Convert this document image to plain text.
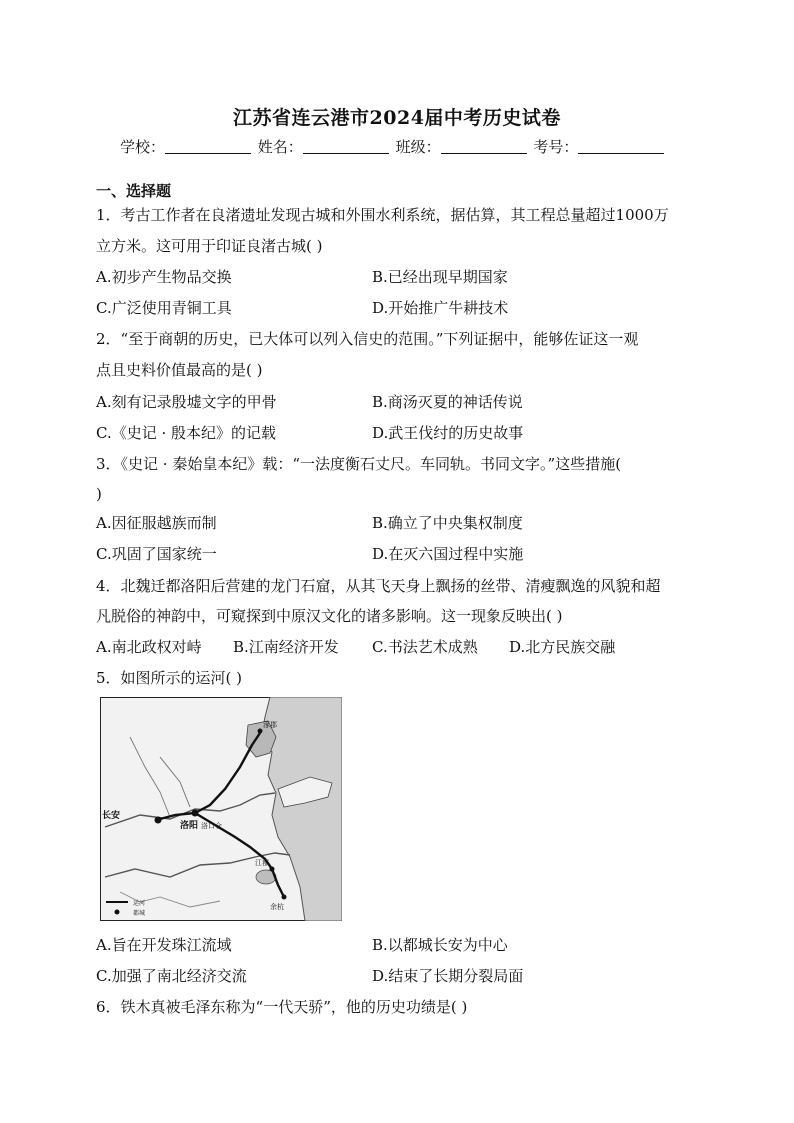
江苏省连云港市2024届中考历史试卷
学校：	姓名：	班级：	考号：
一、选择题
1．考古工作者在良渚遗址发现古城和外围水利系统，据估算，其工程总量超过1000万
立方米。这可用于印证良渚古城( )
A.初步产生物品交换	B.已经出现早期国家
C.广泛使用青铜工具	D.开始推广牛耕技术
2．“至于商朝的历史，已大体可以列入信史的范围。”下列证据中，能够佐证这一观
点且史料价值最高的是( )
A.刻有记录殷墟文字的甲骨	B.商汤灭夏的神话传说
C.《史记 · 殷本纪》的记载	D.武王伐纣的历史故事
3．《史记 · 秦始皇本纪》载：“一法度衡石丈尺。车同轨。书同文字。”这些措施(
)
A.因征服越族而制	B.确立了中央集权制度
C.巩固了国家统一	D.在灭六国过程中实施
4．北魏迁都洛阳后营建的龙门石窟，从其飞天身上飘扬的丝带、清瘦飘逸的风貌和超
凡脱俗的神韵中，可窥探到中原汉文化的诸多影响。这一现象反映出( )
A.南北政权对峙 B.江南经济开发 C.书法艺术成熟 D.北方民族交融
5．如图所示的运河( )
涿郡
长安
洛阳 洛口仓
江都
余杭
运河
都城
A.旨在开发珠江流域	B.以都城长安为中心
C.加强了南北经济交流	D.结束了长期分裂局面
6．铁木真被毛泽东称为“一代天骄”，他的历史功绩是( )
